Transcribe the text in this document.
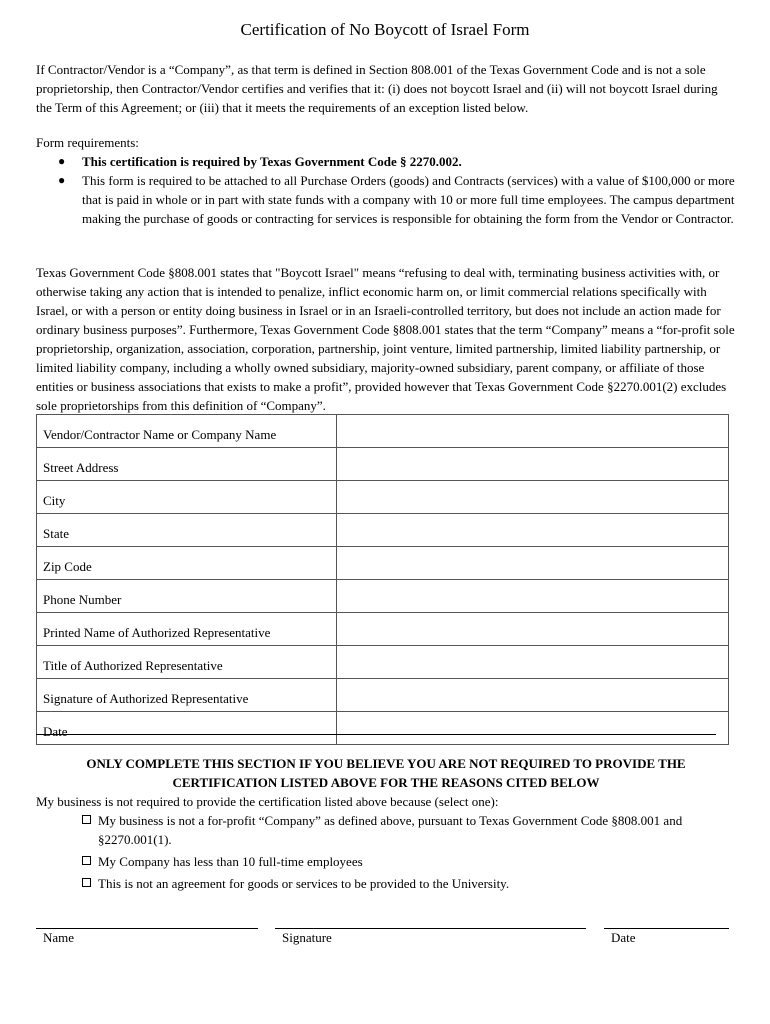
Certification of No Boycott of Israel Form

If Contractor/Vendor is a “Company”, as that term is defined in Section 808.001 of the Texas Government Code and is not a sole proprietorship, then Contractor/Vendor certifies and verifies that it: (i) does not boycott Israel and (ii) will not boycott Israel during the Term of this Agreement; or (iii) that it meets the requirements of an exception listed below.

Form requirements:

● This certification is required by Texas Government Code § 2270.002.
● This form is required to be attached to all Purchase Orders (goods) and Contracts (services) with a value of $100,000 or more that is paid in whole or in part with state funds with a company with 10 or more full time employees. The campus department making the purchase of goods or contracting for services is responsible for obtaining the form from the Vendor or Contractor.

Texas Government Code §808.001 states that "Boycott Israel" means “refusing to deal with, terminating business activities with, or otherwise taking any action that is intended to penalize, inflict economic harm on, or limit commercial relations specifically with Israel, or with a person or entity doing business in Israel or in an Israeli-controlled territory, but does not include an action made for ordinary business purposes”. Furthermore, Texas Government Code §808.001 states that the term “Company” means a “for-profit sole proprietorship, organization, association, corporation, partnership, joint venture, limited partnership, limited liability partnership, or limited liability company, including a wholly owned subsidiary, majority-owned subsidiary, parent company, or affiliate of those entities or business associations that exists to make a profit”, provided however that Texas Government Code §2270.001(2) excludes sole proprietorships from this definition of “Company”.

Vendor/Contractor Name or Company Name	

Street Address	

City	

State	

Zip Code	

Phone Number	

Printed Name of Authorized Representative	

Title of Authorized Representative	

Signature of Authorized Representative	

Date	
ONLY COMPLETE THIS SECTION IF YOU BELIEVE YOU ARE NOT REQUIRED TO PROVIDE THE
CERTIFICATION LISTED ABOVE FOR THE REASONS CITED BELOW

My business is not required to provide the certification listed above because (select one):

My business is not a for-profit “Company” as defined above, pursuant to Texas Government Code §808.001 and §2270.001(1).
My Company has less than 10 full-time employees
This is not an agreement for goods or services to be provided to the University.
Name	Signature	Date
